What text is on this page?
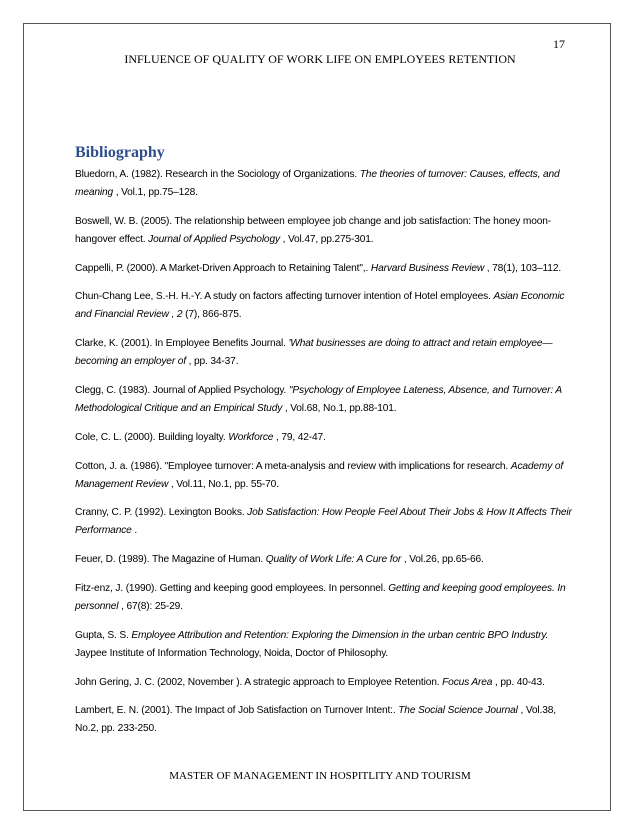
17
INFLUENCE OF QUALITY OF WORK LIFE ON EMPLOYEES RETENTION
Bibliography

Bluedorn, A. (1982). Research in the Sociology of Organizations. The theories of turnover: Causes, effects, and meaning , Vol.1, pp.75–128.

Boswell, W. B. (2005). The relationship between employee job change and job satisfaction: The honey moon-hangover effect. Journal of Applied Psychology , Vol.47, pp.275-301.

Cappelli, P. (2000). A Market-Driven Approach to Retaining Talent",. Harvard Business Review , 78(1), 103–112.

Chun-Chang Lee, S.-H. H.-Y. A study on factors affecting turnover intention of Hotel employees. Asian Economic and Financial Review , 2 (7), 866-875.

Clarke, K. (2001). In Employee Benefits Journal. 'What businesses are doing to attract and retain employee—becoming an employer of , pp. 34-37.

Clegg, C. (1983). Journal of Applied Psychology. "Psychology of Employee Lateness, Absence, and Turnover: A Methodological Critique and an Empirical Study , Vol.68, No.1, pp.88-101.

Cole, C. L. (2000). Building loyalty. Workforce , 79, 42-47.

Cotton, J. a. (1986). "Employee turnover: A meta-analysis and review with implications for research. Academy of Management Review , Vol.11, No.1, pp. 55-70.

Cranny, C. P. (1992). Lexington Books. Job Satisfaction: How People Feel About Their Jobs & How It Affects Their Performance .

Feuer, D. (1989). The Magazine of Human. Quality of Work Life: A Cure for , Vol.26, pp.65-66.

Fitz-enz, J. (1990). Getting and keeping good employees. In personnel. Getting and keeping good employees. In personnel , 67(8): 25-29.

Gupta, S. S. Employee Attribution and Retention: Exploring the Dimension in the urban centric BPO Industry. Jaypee Institute of Information Technology, Noida, Doctor of Philosophy.

John Gering, J. C. (2002, November ). A strategic approach to Employee Retention. Focus Area , pp. 40-43.

Lambert, E. N. (2001). The Impact of Job Satisfaction on Turnover Intent:. The Social Science Journal , Vol.38, No.2, pp. 233-250.

MASTER OF MANAGEMENT IN HOSPITLITY AND TOURISM
